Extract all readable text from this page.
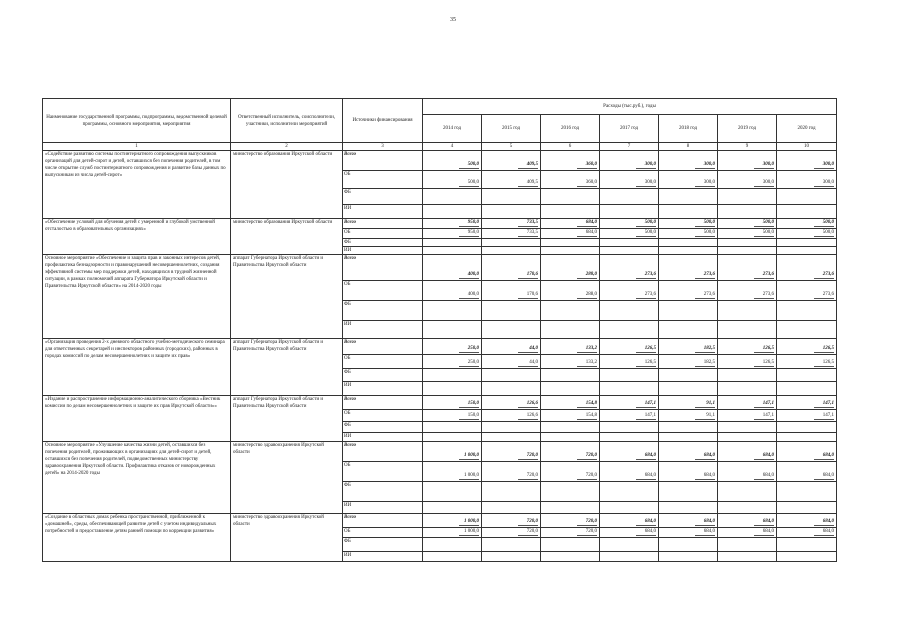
35
Наименование государственной программы, подпрограммы, ведомственной целевой программы, основного мероприятия, мероприятия	Ответственный исполнитель, соисполнители, участники, исполнители мероприятий	Источники финансирования	Расходы (тыс.руб.), годы						
			2014 год	2015 год	2016 год	2017 год	2018 год	2019 год	2020 год
1	2	3	4	5	6	7	8	9	10
«Содействие развитию системы постинтернатного сопровождения выпускников организаций для детей-сирот и детей, оставшихся без попечения родителей, в том числе открытие служб постинтернатного сопровождения и развитие базы данных по выпускникам из числа детей-сирот»	министерство образования Иркутской области	Всего	500,0	409,5	360,0	300,0	300,0	300,0	300,0
		ОБ	500,0	409,5	360,0	300,0	300,0	300,0	300,0
		ФБ							
		ИИ							
«Обеспечение условий для обучения детей с умеренной и глубокой умственной отсталостью в образовательных организациях»	министерство образования Иркутской области	Всего	950,0	733,5	684,0	500,0	500,0	500,0	500,0
		ОБ	950,0	733,5	684,0	500,0	500,0	500,0	500,0
		ФБ							
		ИИ							
Основное мероприятие «Обеспечение и защита прав и законных интересов детей, профилактика безнадзорности и правонарушений несовершеннолетних, создания эффективной системы мер поддержки детей, находящихся в трудной жизненной ситуации, в рамках полномочий аппарата Губернатора Иркутской области и Правительства Иркутской области» на 2014-2020 годы	аппарат Губернатора Иркутской области и Правительства Иркутской области	Всего	400,0	170,6	288,0	273,6	273,6	273,6	273,6
		ОБ	400,0	170,6	288,0	273,6	273,6	273,6	273,6
		ФБ							
		ИИ							
«Организация проведения 2-х дневного областного учебно-методического семинара для ответственных секретарей и инспекторов районных (городских), районных в городах комиссий по делам несовершеннолетних и защите их прав»	аппарат Губернатора Иркутской области и Правительства Иркутской области	Всего	250,0	44,0	133,2	126,5	182,5	126,5	126,5
		ОБ	250,0	44,0	133,2	126,5	182,5	126,5	126,5
		ФБ							
		ИИ							
«Издание и распространение информационно-аналитического сборника «Вестник комиссии по делам несовершеннолетних и защите их прав Иркутской области»»	аппарат Губернатора Иркутской области и Правительства Иркутской области	Всего	150,0	126,6	154,8	147,1	91,1	147,1	147,1
		ОБ	150,0	126,6	154,8	147,1	91,1	147,1	147,1
		ФБ							
		ИИ							
Основное мероприятие «Улучшение качества жизни детей, оставшихся без попечения родителей, проживающих в организациях для детей-сирот и детей, оставшихся без попечения родителей, подведомственных министерству здравоохранения Иркутской области. Профилактика отказов от новорожденных детей» на 2014-2020 годы	министерство здравоохранения Иркутской области	Всего	1 000,0	720,0	720,0	684,0	684,0	684,0	684,0
		ОБ	1 000,0	720,0	720,0	684,0	684,0	684,0	684,0
		ФБ							
		ИИ							
«Создание в областных домах ребенка пространственной, приближенной к «домашней», среды, обеспечивающей развитие детей с учетом индивидуальных потребностей и предоставление детям ранней помощи по коррекции развития»	министерство здравоохранения Иркутской области	Всего	1 000,0	720,0	720,0	684,0	684,0	684,0	684,0
		ОБ	1 000,0	720,0	720,0	684,0	684,0	684,0	684,0
		ФБ							
		ИИ							
